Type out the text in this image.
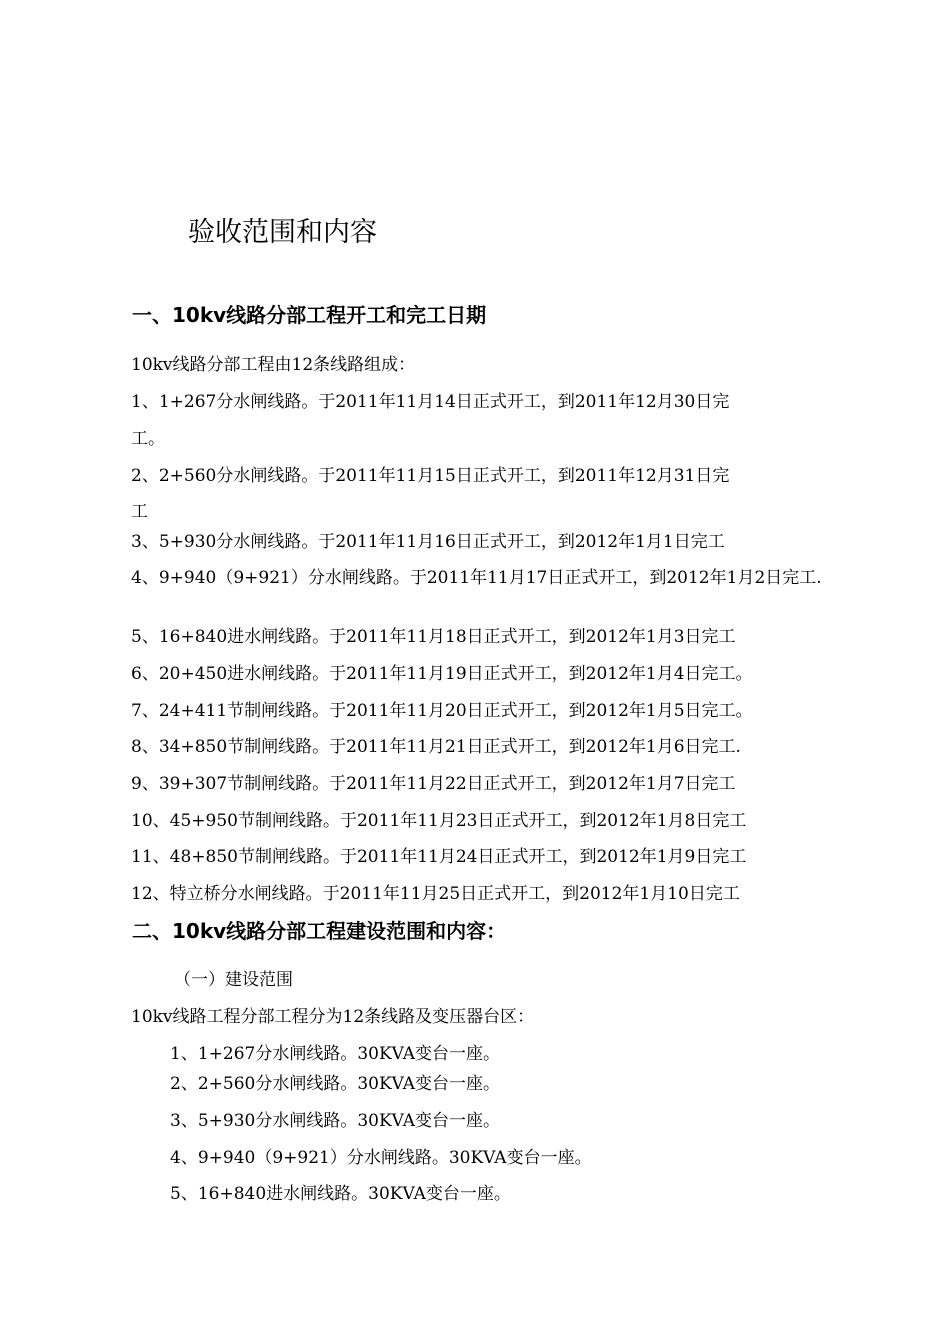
验收范围和内容
一、10kv线路分部工程开工和完工日期

10kv线路分部工程由12条线路组成：

1、1+267分水闸线路。于2011年11月14日正式开工，到2011年12月30日完

工。

2、2+560分水闸线路。于2011年11月15日正式开工，到2011年12月31日完

工

3、5+930分水闸线路。于2011年11月16日正式开工，到2012年1月1日完工

4、9+940（9+921）分水闸线路。于2011年11月17日正式开工，到2012年1月2日完工.

5、16+840进水闸线路。于2011年11月18日正式开工，到2012年1月3日完工

6、20+450进水闸线路。于2011年11月19日正式开工，到2012年1月4日完工。

7、24+411节制闸线路。于2011年11月20日正式开工，到2012年1月5日完工。

8、34+850节制闸线路。于2011年11月21日正式开工，到2012年1月6日完工.

9、39+307节制闸线路。于2011年11月22日正式开工，到2012年1月7日完工

10、45+950节制闸线路。于2011年11月23日正式开工，到2012年1月8日完工

11、48+850节制闸线路。于2011年11月24日正式开工，到2012年1月9日完工

12、特立桥分水闸线路。于2011年11月25日正式开工，到2012年1月10日完工

二、10kv线路分部工程建设范围和内容：

（一）建设范围

10kv线路工程分部工程分为12条线路及变压器台区：

1、1+267分水闸线路。30KVA变台一座。

2、2+560分水闸线路。30KVA变台一座。

3、5+930分水闸线路。30KVA变台一座。

4、9+940（9+921）分水闸线路。30KVA变台一座。

5、16+840进水闸线路。30KVA变台一座。
